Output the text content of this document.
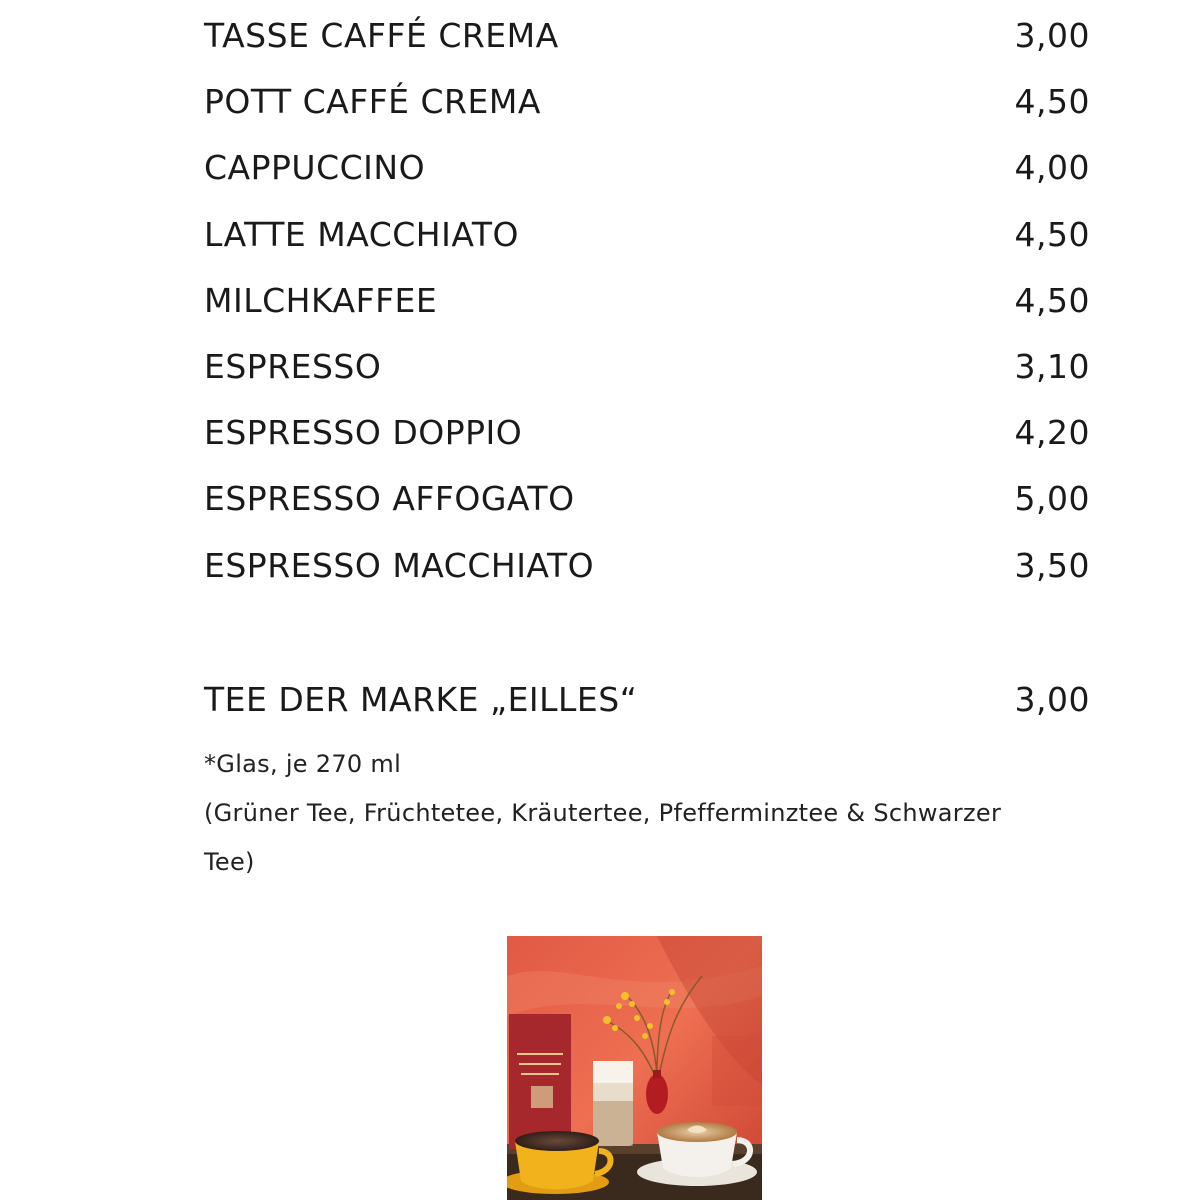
TASSE CAFFÉ CREMA	3,00
POTT CAFFÉ CREMA	4,50
CAPPUCCINO	4,00
LATTE MACCHIATO	4,50
MILCHKAFFEE	4,50
ESPRESSO	3,10
ESPRESSO DOPPIO	4,20
ESPRESSO AFFOGATO	5,00
ESPRESSO MACCHIATO	3,50
TEE DER MARKE „EILLES“	3,00
*Glas, je 270 ml
(Grüner Tee, Früchtetee, Kräutertee, Pfefferminztee & Schwarzer Tee)
